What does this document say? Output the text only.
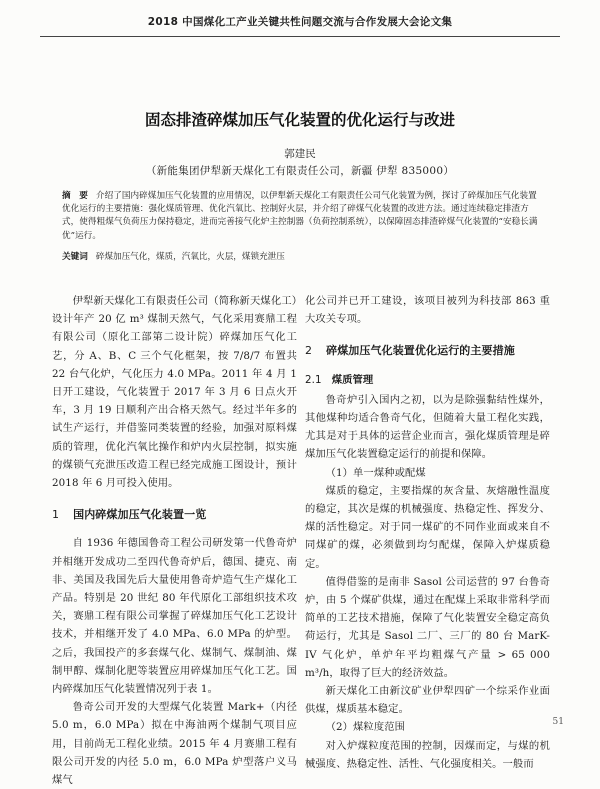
2018 中国煤化工产业关键共性问题交流与合作发展大会论文集
固态排渣碎煤加压气化装置的优化运行与改进
郭建民
（新能集团伊犁新天煤化工有限责任公司，新疆 伊犁 835000）
摘　要 介绍了国内碎煤加压气化装置的应用情况，以伊犁新天煤化工有限责任公司气化装置为例，探讨了碎煤加压气化装置优化运行的主要措施：强化煤质管理、优化汽氧比、控制好火层，并介绍了碎煤气化装置的改进方法。通过连续稳定排渣方式，使得粗煤气负荷压力保持稳定，进而完善接气化炉主控制器（负荷控制系统），以保障固态排渣碎煤气化装置的“安稳长满优”运行。
关键词 碎煤加压气化，煤质，汽氧比，火层，煤锁充泄压

伊犁新天煤化工有限责任公司（简称新天煤化工）设计年产 20 亿 m³ 煤制天然气，气化采用赛鼎工程有限公司（原化工部第二设计院）碎煤加压气化工艺，分 A、B、C 三个气化框架，按 7/8/7 布置共 22 台气化炉，气化压力 4.0 MPa。2011 年 4 月 1 日开工建设，气化装置于 2017 年 3 月 6 日点火开车，3 月 19 日顺利产出合格天然气。经过半年多的试生产运行，并借鉴同类装置的经验，加强对原料煤质的管理，优化汽氧比操作和炉内火层控制，拟实施的煤锁气充泄压改造工程已经完成施工图设计，预计 2018 年 6 月可投入使用。

1 国内碎煤加压气化装置一览

自 1936 年德国鲁奇工程公司研发第一代鲁奇炉并相继开发成功二至四代鲁奇炉后，德国、捷克、南非、美国及我国先后大量使用鲁奇炉造气生产煤化工产品。特别是 20 世纪 80 年代原化工部组织技术攻关，赛鼎工程有限公司掌握了碎煤加压气化工艺设计技术，并相继开发了 4.0 MPa、6.0 MPa 的炉型。之后，我国投产的多套煤气化、煤制气、煤制油、煤制甲醇、煤制化肥等装置应用碎煤加压气化工艺。国内碎煤加压气化装置情况列于表 1。

鲁奇公司开发的大型煤气化装置 Mark+（内径 5.0 m，6.0 MPa）拟在中海油两个煤制气项目应用，目前尚无工程化业绩。2015 年 4 月赛鼎工程有限公司开发的内径 5.0 m，6.0 MPa 炉型落户义马煤气

化公司并已开工建设，该项目被列为科技部 863 重大攻关专项。

2 碎煤加压气化装置优化运行的主要措施
2.1 煤质管理

鲁奇炉引入国内之初，以为是除强黏结性煤外，其他煤种均适合鲁奇气化，但随着大量工程化实践，尤其是对于具体的运营企业而言，强化煤质管理是碎煤加压气化装置稳定运行的前提和保障。

（1）单一煤种或配煤

煤质的稳定，主要指煤的灰含量、灰熔融性温度的稳定，其次是煤的机械强度、热稳定性、挥发分、煤的活性稳定。对于同一煤矿的不同作业面或来自不同煤矿的煤，必须做到均匀配煤，保障入炉煤质稳定。

值得借鉴的是南非 Sasol 公司运营的 97 台鲁奇炉，由 5 个煤矿供煤，通过在配煤上采取非常科学而简单的工艺技术措施，保障了气化装置安全稳定高负荷运行，尤其是 Sasol 二厂、三厂的 80 台 MarK-IV 气化炉，单炉年平均粗煤气产量 > 65 000 m³/h，取得了巨大的经济效益。

新天煤化工由新汶矿业伊犁四矿一个综采作业面供煤，煤质基本稳定。

（2）煤粒度范围

对入炉煤粒度范围的控制，因煤而定，与煤的机械强度、热稳定性、活性、气化强度相关。一般而

51
